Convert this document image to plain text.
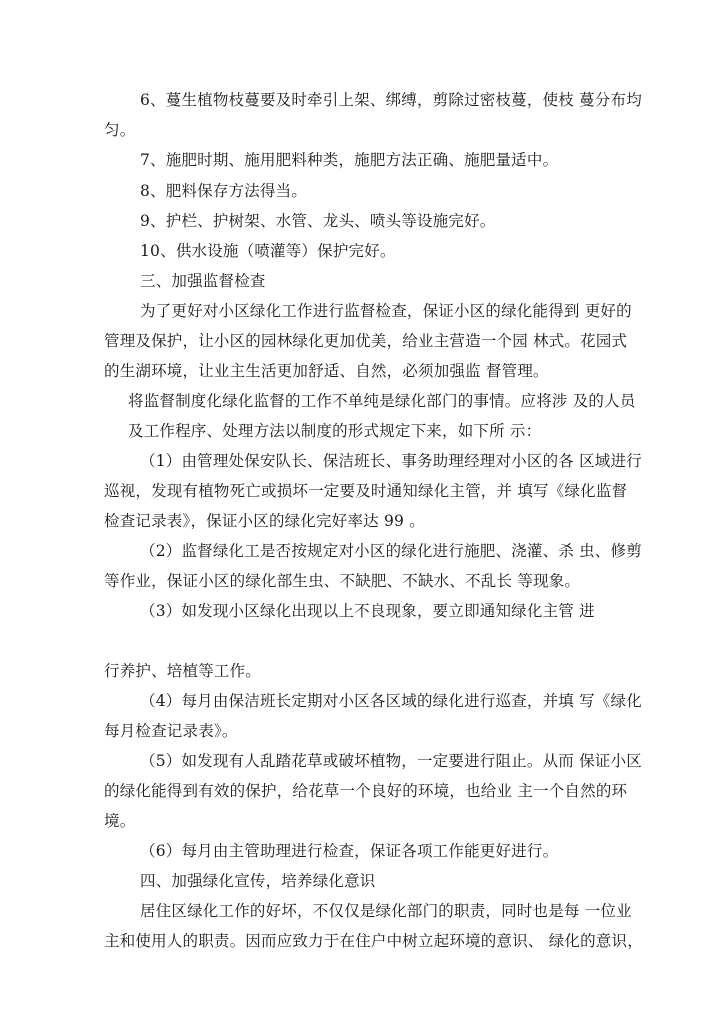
6、蔓生植物枝蔓要及时牵引上架、绑缚，剪除过密枝蔓，使枝 蔓分布均
匀。
7、施肥时期、施用肥料种类，施肥方法正确、施肥量适中。
8、肥料保存方法得当。
9、护栏、护树架、水管、龙头、喷头等设施完好。
10、供水设施（喷灌等）保护完好。
三、加强监督检查
为了更好对小区绿化工作进行监督检查，保证小区的绿化能得到 更好的
管理及保护，让小区的园林绿化更加优美，给业主营造一个园 林式。花园式
的生湖环境，让业主生活更加舒适、自然，必须加强监 督管理。
将监督制度化绿化监督的工作不单纯是绿化部门的事情。应将涉 及的人员
及工作程序、处理方法以制度的形式规定下来，如下所 示：
（1）由管理处保安队长、保洁班长、事务助理经理对小区的各 区域进行
巡视，发现有植物死亡或损坏一定要及时通知绿化主管，并 填写《绿化监督
检查记录表》，保证小区的绿化完好率达 99 。
（2）监督绿化工是否按规定对小区的绿化进行施肥、浇灌、杀 虫、修剪
等作业，保证小区的绿化部生虫、不缺肥、不缺水、不乱长 等现象。
（3）如发现小区绿化出现以上不良现象，要立即通知绿化主管 进
行养护、培植等工作。
（4）每月由保洁班长定期对小区各区域的绿化进行巡查，并填 写《绿化
每月检查记录表》。
（5）如发现有人乱踏花草或破坏植物，一定要进行阻止。从而 保证小区
的绿化能得到有效的保护，给花草一个良好的环境，也给业 主一个自然的环
境。
（6）每月由主管助理进行检查，保证各项工作能更好进行。
四、加强绿化宣传，培养绿化意识
居住区绿化工作的好坏，不仅仅是绿化部门的职责，同时也是每 一位业
主和使用人的职责。因而应致力于在住户中树立起环境的意识、 绿化的意识，
